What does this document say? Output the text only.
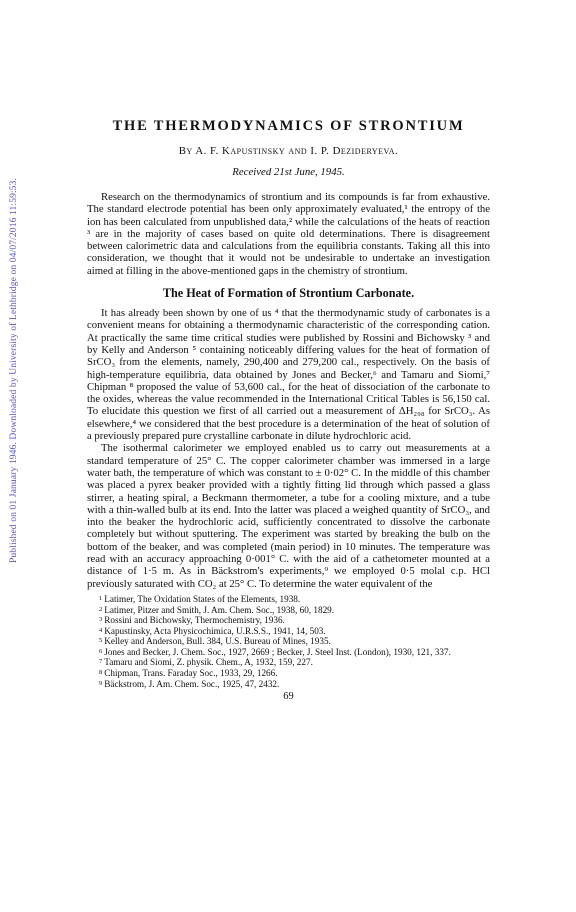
Published on 01 January 1946. Downloaded by University of Lethbridge on 04/07/2016 11:59:53.
THE THERMODYNAMICS OF STRONTIUM
By A. F. Kapustinsky and I. P. Dezideryeva.
Received 21st June, 1945.

Research on the thermodynamics of strontium and its compounds is far from exhaustive. The standard electrode potential has been only approximately evaluated,¹ the entropy of the ion has been calculated from unpublished data,² while the calculations of the heats of reaction ³ are in the majority of cases based on quite old determinations. There is disagreement between calorimetric data and calculations from the equilibria constants. Taking all this into consideration, we thought that it would not be undesirable to undertake an investigation aimed at filling in the above-mentioned gaps in the chemistry of strontium.

The Heat of Formation of Strontium Carbonate.

It has already been shown by one of us ⁴ that the thermodynamic study of carbonates is a convenient means for obtaining a thermodynamic characteristic of the corresponding cation. At practically the same time critical studies were published by Rossini and Bichowsky ³ and by Kelly and Anderson ⁵ containing noticeably differing values for the heat of formation of SrCO₃ from the elements, namely, 290,400 and 279,200 cal., respectively. On the basis of high-temperature equilibria, data obtained by Jones and Becker,⁶ and Tamaru and Siomi,⁷ Chipman ⁸ proposed the value of 53,600 cal., for the heat of dissociation of the carbonate to the oxides, whereas the value recommended in the International Critical Tables is 56,150 cal. To elucidate this question we first of all carried out a measurement of ΔH₂₉₈ for SrCO₃. As elsewhere,⁴ we considered that the best procedure is a determination of the heat of solution of a previously prepared pure crystalline carbonate in dilute hydrochloric acid.

The isothermal calorimeter we employed enabled us to carry out measurements at a standard temperature of 25° C. The copper calorimeter chamber was immersed in a large water bath, the temperature of which was constant to ± 0·02° C. In the middle of this chamber was placed a pyrex beaker provided with a tightly fitting lid through which passed a glass stirrer, a heating spiral, a Beckmann thermometer, a tube for a cooling mixture, and a tube with a thin-walled bulb at its end. Into the latter was placed a weighed quantity of SrCO₃, and into the beaker the hydrochloric acid, sufficiently concentrated to dissolve the carbonate completely but without sputtering. The experiment was started by breaking the bulb on the bottom of the beaker, and was completed (main period) in 10 minutes. The temperature was read with an accuracy approaching 0·001° C. with the aid of a cathetometer mounted at a distance of 1·5 m. As in Bäckstrom's experiments,⁹ we employed 0·5 molal c.p. HCl previously saturated with CO₂ at 25° C. To determine the water equivalent of the

$^1$ Latimer, The Oxidation States of the Elements, 1938.
$^2$ Latimer, Pitzer and Smith, J. Am. Chem. Soc., 1938, 60, 1829.
$^3$ Rossini and Bichowsky, Thermochemistry, 1936.
$^4$ Kapustinsky, Acta Physicochimica, U.R.S.S., 1941, 14, 503.
$^5$ Kelley and Anderson, Bull. 384, U.S. Bureau of Mines, 1935.
$^6$ Jones and Becker, J. Chem. Soc., 1927, 2669 ; Becker, J. Steel Inst. (London), 1930, 121, 337.
$^7$ Tamaru and Siomi, Z. physik. Chem., A, 1932, 159, 227.
$^8$ Chipman, Trans. Faraday Soc., 1933, 29, 1266.
$^9$ Bäckstrom, J. Am. Chem. Soc., 1925, 47, 2432.
69
